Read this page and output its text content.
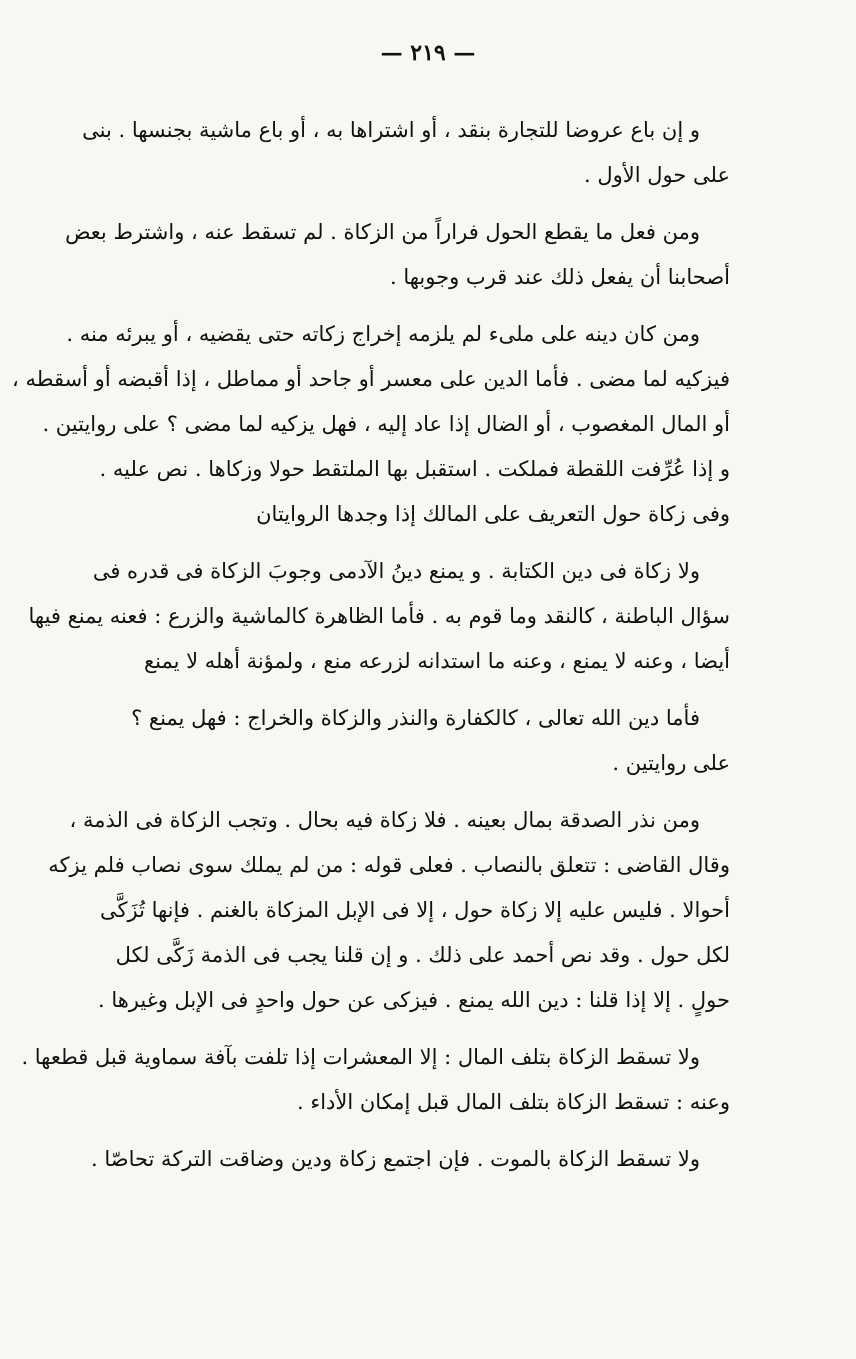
— ٢١٩ —
و إن باع عروضا للتجارة بنقد ، أو اشتراها به ، أو باع ماشية بجنسها . بنى
على حول الأول .
ومن فعل ما يقطع الحول فراراً من الزكاة . لم تسقط عنه ، واشترط بعض
أصحابنا أن يفعل ذلك عند قرب وجوبها .
ومن كان دينه على ملىء لم يلزمه إخراج زكاته حتى يقضيه ، أو يبرئه منه .
فيزكيه لما مضى . فأما الدين على معسر أو جاحد أو مماطل ، إذا أقبضه أو أسقطه ،
أو المال المغصوب ، أو الضال إذا عاد إليه ، فهل يزكيه لما مضى ؟ على روايتين .
و إذا عُرِّفت اللقطة فملكت . استقبل بها الملتقط حولا وزكاها . نص عليه .
وفى زكاة حول التعريف على المالك إذا وجدها الروايتان
ولا زكاة فى دين الكتابة . و يمنع دينُ الآدمى وجوبَ الزكاة فى قدره فى
سؤال الباطنة ، كالنقد وما قوم به . فأما الظاهرة كالماشية والزرع : فعنه يمنع فيها
أيضا ، وعنه لا يمنع ، وعنه ما استدانه لزرعه منع ، ولمؤنة أهله لا يمنع
فأما دين الله تعالى ، كالكفارة والنذر والزكاة والخراج : فهل يمنع ؟
على روايتين .
ومن نذر الصدقة بمال بعينه . فلا زكاة فيه بحال . وتجب الزكاة فى الذمة ،
وقال القاضى : تتعلق بالنصاب . فعلى قوله : من لم يملك سوى نصاب فلم يزكه
أحوالا . فليس عليه إلا زكاة حول ، إلا فى الإبل المزكاة بالغنم . فإنها تُزَكَّى
لكل حول . وقد نص أحمد على ذلك . و إن قلنا يجب فى الذمة زَكَّى لكل
حولٍ . إلا إذا قلنا : دين الله يمنع . فيزكى عن حول واحدٍ فى الإبل وغيرها .
ولا تسقط الزكاة بتلف المال : إلا المعشرات إذا تلفت بآفة سماوية قبل قطعها .
وعنه : تسقط الزكاة بتلف المال قبل إمكان الأداء .
ولا تسقط الزكاة بالموت . فإن اجتمع زكاة ودين وضاقت التركة تحاصّا .
